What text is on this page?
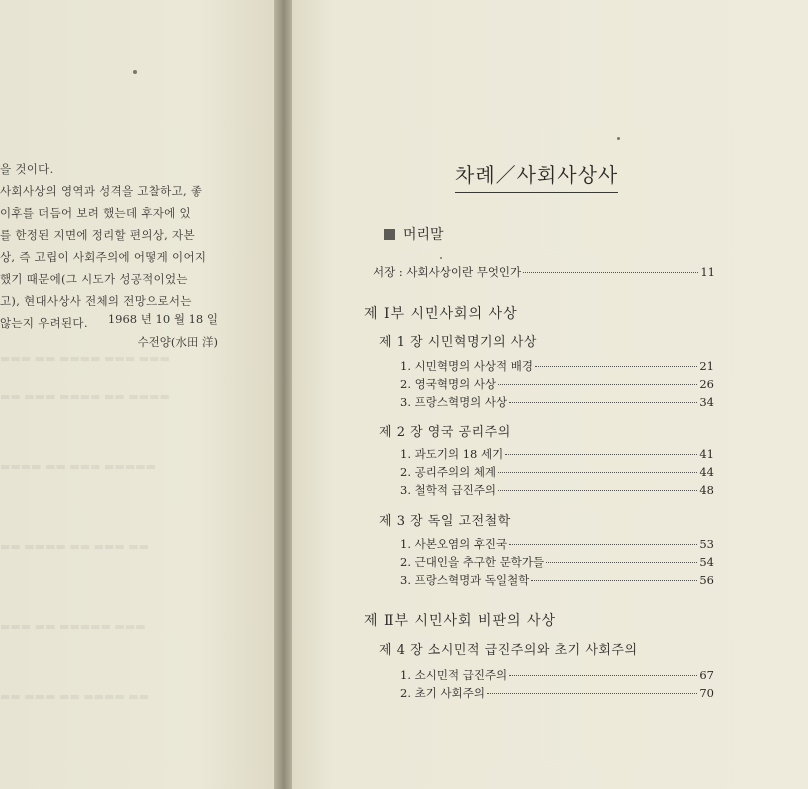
▬▬▬ ▬▬ ▬▬▬▬ ▬▬▬ ▬▬▬
▬▬ ▬▬▬ ▬▬▬▬ ▬▬ ▬▬▬▬
▬▬▬▬ ▬▬ ▬▬▬ ▬▬▬▬▬
▬▬ ▬▬▬▬ ▬▬ ▬▬▬ ▬▬
▬▬▬ ▬▬ ▬▬▬▬▬ ▬▬▬
▬▬ ▬▬▬ ▬▬ ▬▬▬▬ ▬▬
을 것이다.
사회사상의 영역과 성격을 고찰하고, 좋
이후를 더듬어 보려 했는데 후자에 있
를 한정된 지면에 정리할 편의상, 자본
상, 즉 고립이 사회주의에 어떻게 이어지
했기 때문에(그 시도가 성공적이었는
고), 현대사상사 전체의 전망으로서는
않는지 우려된다. 1968 년 10 월 18 일
수전양(水田 洋)
차례／사회사상사
머리말
서장 : 사회사상이란 무엇인가	11
제 Ⅰ부 시민사회의 사상
제 1 장 시민혁명기의 사상
1. 시민혁명의 사상적 배경	21
2. 영국혁명의 사상	26
3. 프랑스혁명의 사상	34
제 2 장 영국 공리주의
1. 과도기의 18 세기	41
2. 공리주의의 체계	44
3. 철학적 급진주의	48
제 3 장 독일 고전철학
1. 사본오염의 후진국	53
2. 근대인을 추구한 문학가들	54
3. 프랑스혁명과 독일철학	56
제 Ⅱ부 시민사회 비판의 사상
제 4 장 소시민적 급진주의와 초기 사회주의
1. 소시민적 급진주의	67
2. 초기 사회주의	70
